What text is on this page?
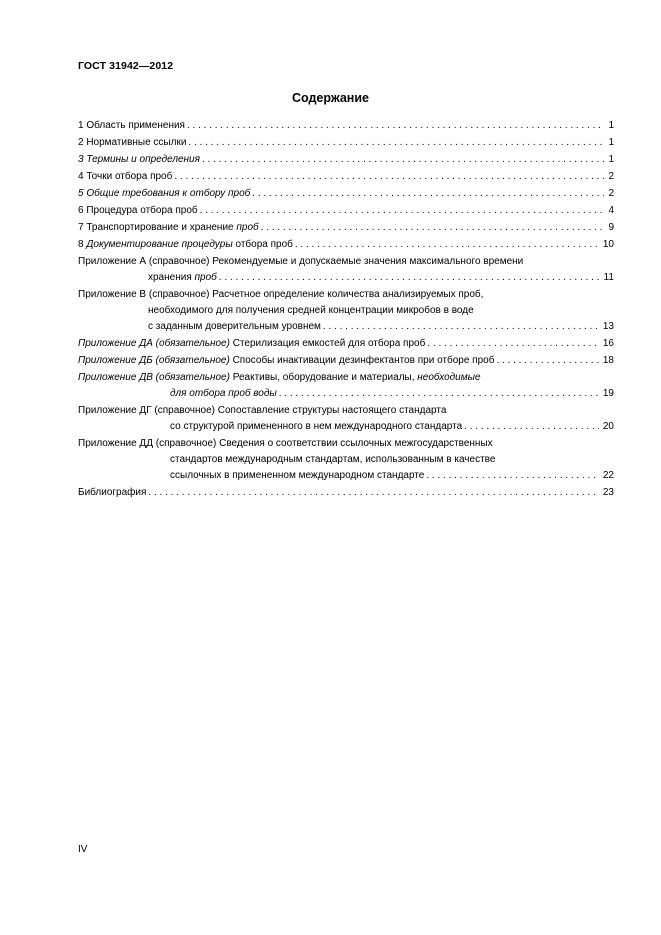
ГОСТ 31942—2012
Содержание
1 Область применения . . .	1
2 Нормативные ссылки . . .	1
3 Термины и определения . . .	1
4 Точки отбора проб . . .	2
5 Общие требования к отбору проб . . .	2
6 Процедура отбора проб . . .	4
7 Транспортирование и хранение проб . . .	9
8 Документирование процедуры отбора проб . . .	10
Приложение А (справочное) Рекомендуемые и допускаемые значения максимального времени
хранения проб . . .	11
Приложение В (справочное) Расчетное определение количества анализируемых проб,
необходимого для получения средней концентрации микробов в воде
с заданным доверительным уровнем . . .	13
Приложение ДА (обязательное) Стерилизация емкостей для отбора проб . . .	16
Приложение ДБ (обязательное) Способы инактивации дезинфектантов при отборе проб . . .	18
Приложение ДВ (обязательное) Реактивы, оборудование и материалы, необходимые
для отбора проб воды . . .	19
Приложение ДГ (справочное) Сопоставление структуры настоящего стандарта
со структурой примененного в нем международного стандарта . . .	20
Приложение ДД (справочное) Сведения о соответствии ссылочных межгосударственных
стандартов международным стандартам, использованным в качестве
ссылочных в примененном международном стандарте . . .	22
Библиография . . .	23
IV
